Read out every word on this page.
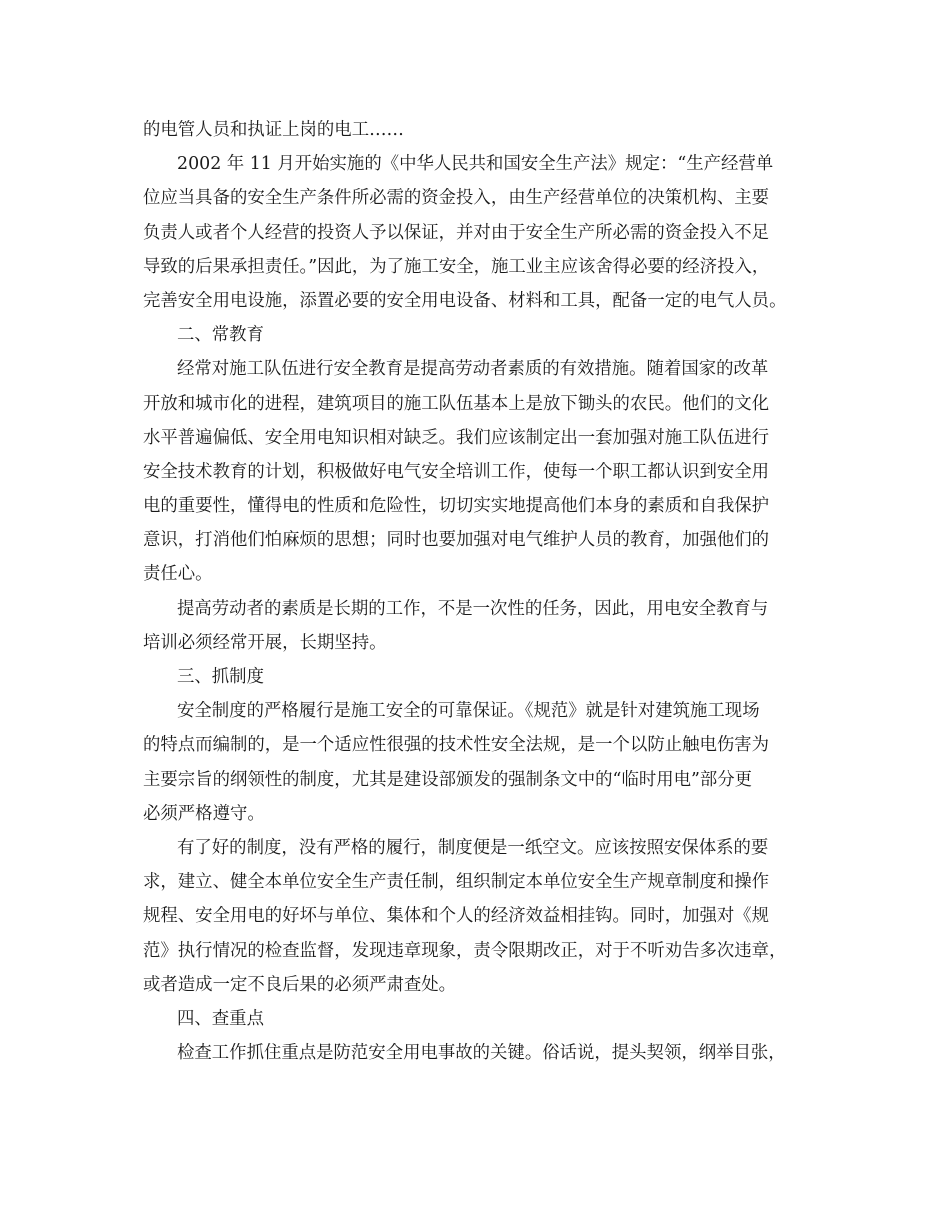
的电管人员和执证上岗的电工……
2002 年 11 月开始实施的《中华人民共和国安全生产法》规定：“生产经营单
位应当具备的安全生产条件所必需的资金投入，由生产经营单位的决策机构、主要
负责人或者个人经营的投资人予以保证，并对由于安全生产所必需的资金投入不足
导致的后果承担责任。”因此，为了施工安全，施工业主应该舍得必要的经济投入，
完善安全用电设施，添置必要的安全用电设备、材料和工具，配备一定的电气人员。
二、常教育
经常对施工队伍进行安全教育是提高劳动者素质的有效措施。随着国家的改革
开放和城市化的进程，建筑项目的施工队伍基本上是放下锄头的农民。他们的文化
水平普遍偏低、安全用电知识相对缺乏。我们应该制定出一套加强对施工队伍进行
安全技术教育的计划，积极做好电气安全培训工作，使每一个职工都认识到安全用
电的重要性，懂得电的性质和危险性，切切实实地提高他们本身的素质和自我保护
意识，打消他们怕麻烦的思想；同时也要加强对电气维护人员的教育，加强他们的
责任心。
提高劳动者的素质是长期的工作，不是一次性的任务，因此，用电安全教育与
培训必须经常开展，长期坚持。
三、抓制度
安全制度的严格履行是施工安全的可靠保证。《规范》就是针对建筑施工现场
的特点而编制的，是一个适应性很强的技术性安全法规，是一个以防止触电伤害为
主要宗旨的纲领性的制度，尤其是建设部颁发的强制条文中的“临时用电”部分更
必须严格遵守。
有了好的制度，没有严格的履行，制度便是一纸空文。应该按照安保体系的要
求，建立、健全本单位安全生产责任制，组织制定本单位安全生产规章制度和操作
规程、安全用电的好坏与单位、集体和个人的经济效益相挂钩。同时，加强对《规
范》执行情况的检查监督，发现违章现象，责令限期改正，对于不听劝告多次违章，
或者造成一定不良后果的必须严肃查处。
四、查重点
检查工作抓住重点是防范安全用电事故的关键。俗话说，提头契领，纲举目张，
